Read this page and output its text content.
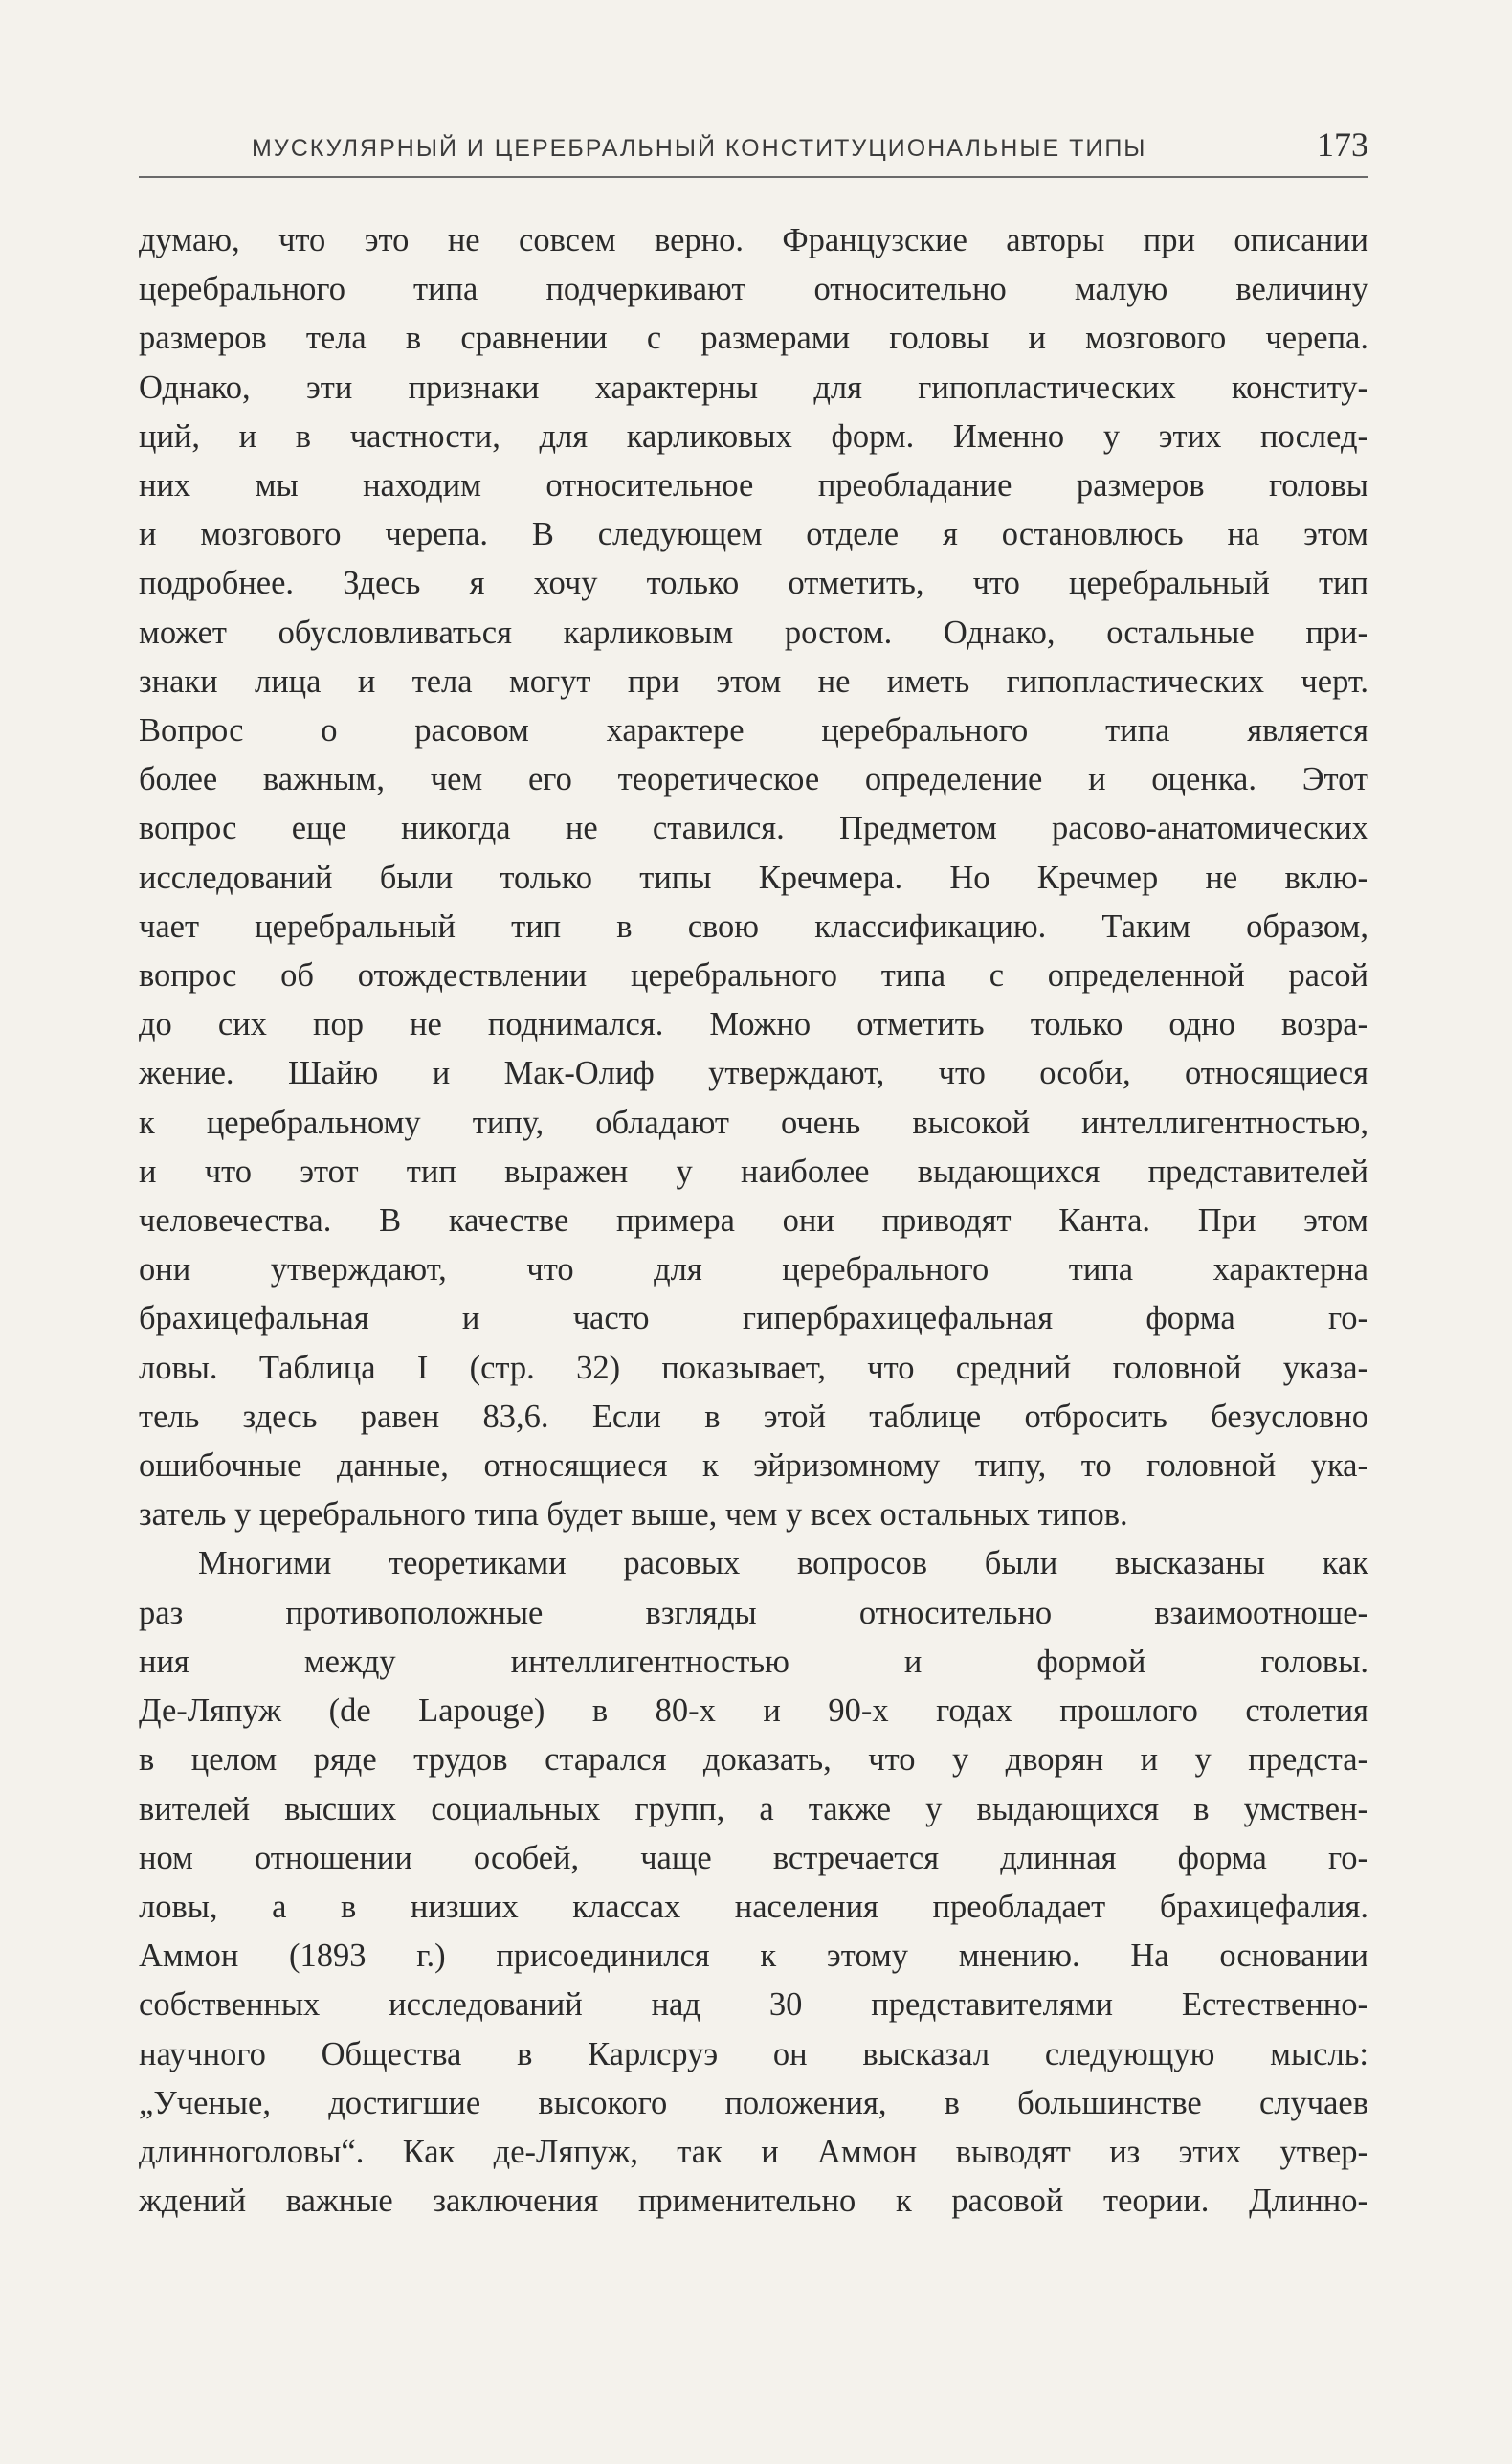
МУСКУЛЯРНЫЙ И ЦЕРЕБРАЛЬНЫЙ КОНСТИТУЦИОНАЛЬНЫЕ ТИПЫ	173

думаю, что это не совсем верно. Французские авторы при описании

церебрального типа подчеркивают относительно малую величину

размеров тела в сравнении с размерами головы и мозгового черепа.

Однако, эти признаки характерны для гипопластических конститу-

ций, и в частности, для карликовых форм. Именно у этих послед-

них мы находим относительное преобладание размеров головы

и мозгового черепа. В следующем отделе я остановлюсь на этом

подробнее. Здесь я хочу только отметить, что церебральный тип

может обусловливаться карликовым ростом. Однако, остальные при-

знаки лица и тела могут при этом не иметь гипопластических черт.

Вопрос о расовом характере церебрального типа является

более важным, чем его теоретическое определение и оценка. Этот

вопрос еще никогда не ставился. Предметом расово-анатомических

исследований были только типы Кречмера. Но Кречмер не вклю-

чает церебральный тип в свою классификацию. Таким образом,

вопрос об отождествлении церебрального типа с определенной расой

до сих пор не поднимался. Можно отметить только одно возра-

жение. Шайю и Мак-Олиф утверждают, что особи, относящиеся

к церебральному типу, обладают очень высокой интеллигентностью,

и что этот тип выражен у наиболее выдающихся представителей

человечества. В качестве примера они приводят Канта. При этом

они утверждают, что для церебрального типа характерна

брахицефальная и часто гипербрахицефальная форма го-

ловы. Таблица I (стр. 32) показывает, что средний головной указа-

тель здесь равен 83,6. Если в этой таблице отбросить безусловно

ошибочные данные, относящиеся к эйризомному типу, то головной ука-

затель у церебрального типа будет выше, чем у всех остальных типов.

Многими теоретиками расовых вопросов были высказаны как

раз противоположные взгляды относительно взаимоотноше-

ния между интеллигентностью и формой головы.

Де-Ляпуж (de Lapouge) в 80-х и 90-х годах прошлого столетия

в целом ряде трудов старался доказать, что у дворян и у предста-

вителей высших социальных групп, а также у выдающихся в умствен-

ном отношении особей, чаще встречается длинная форма го-

ловы, а в низших классах населения преобладает брахицефалия.

Аммон (1893 г.) присоединился к этому мнению. На основании

собственных исследований над 30 представителями Естественно-

научного Общества в Карлсруэ он высказал следующую мысль:

„Ученые, достигшие высокого положения, в большинстве случаев

длинноголовы“. Как де-Ляпуж, так и Аммон выводят из этих утвер-

ждений важные заключения применительно к расовой теории. Длинно-
